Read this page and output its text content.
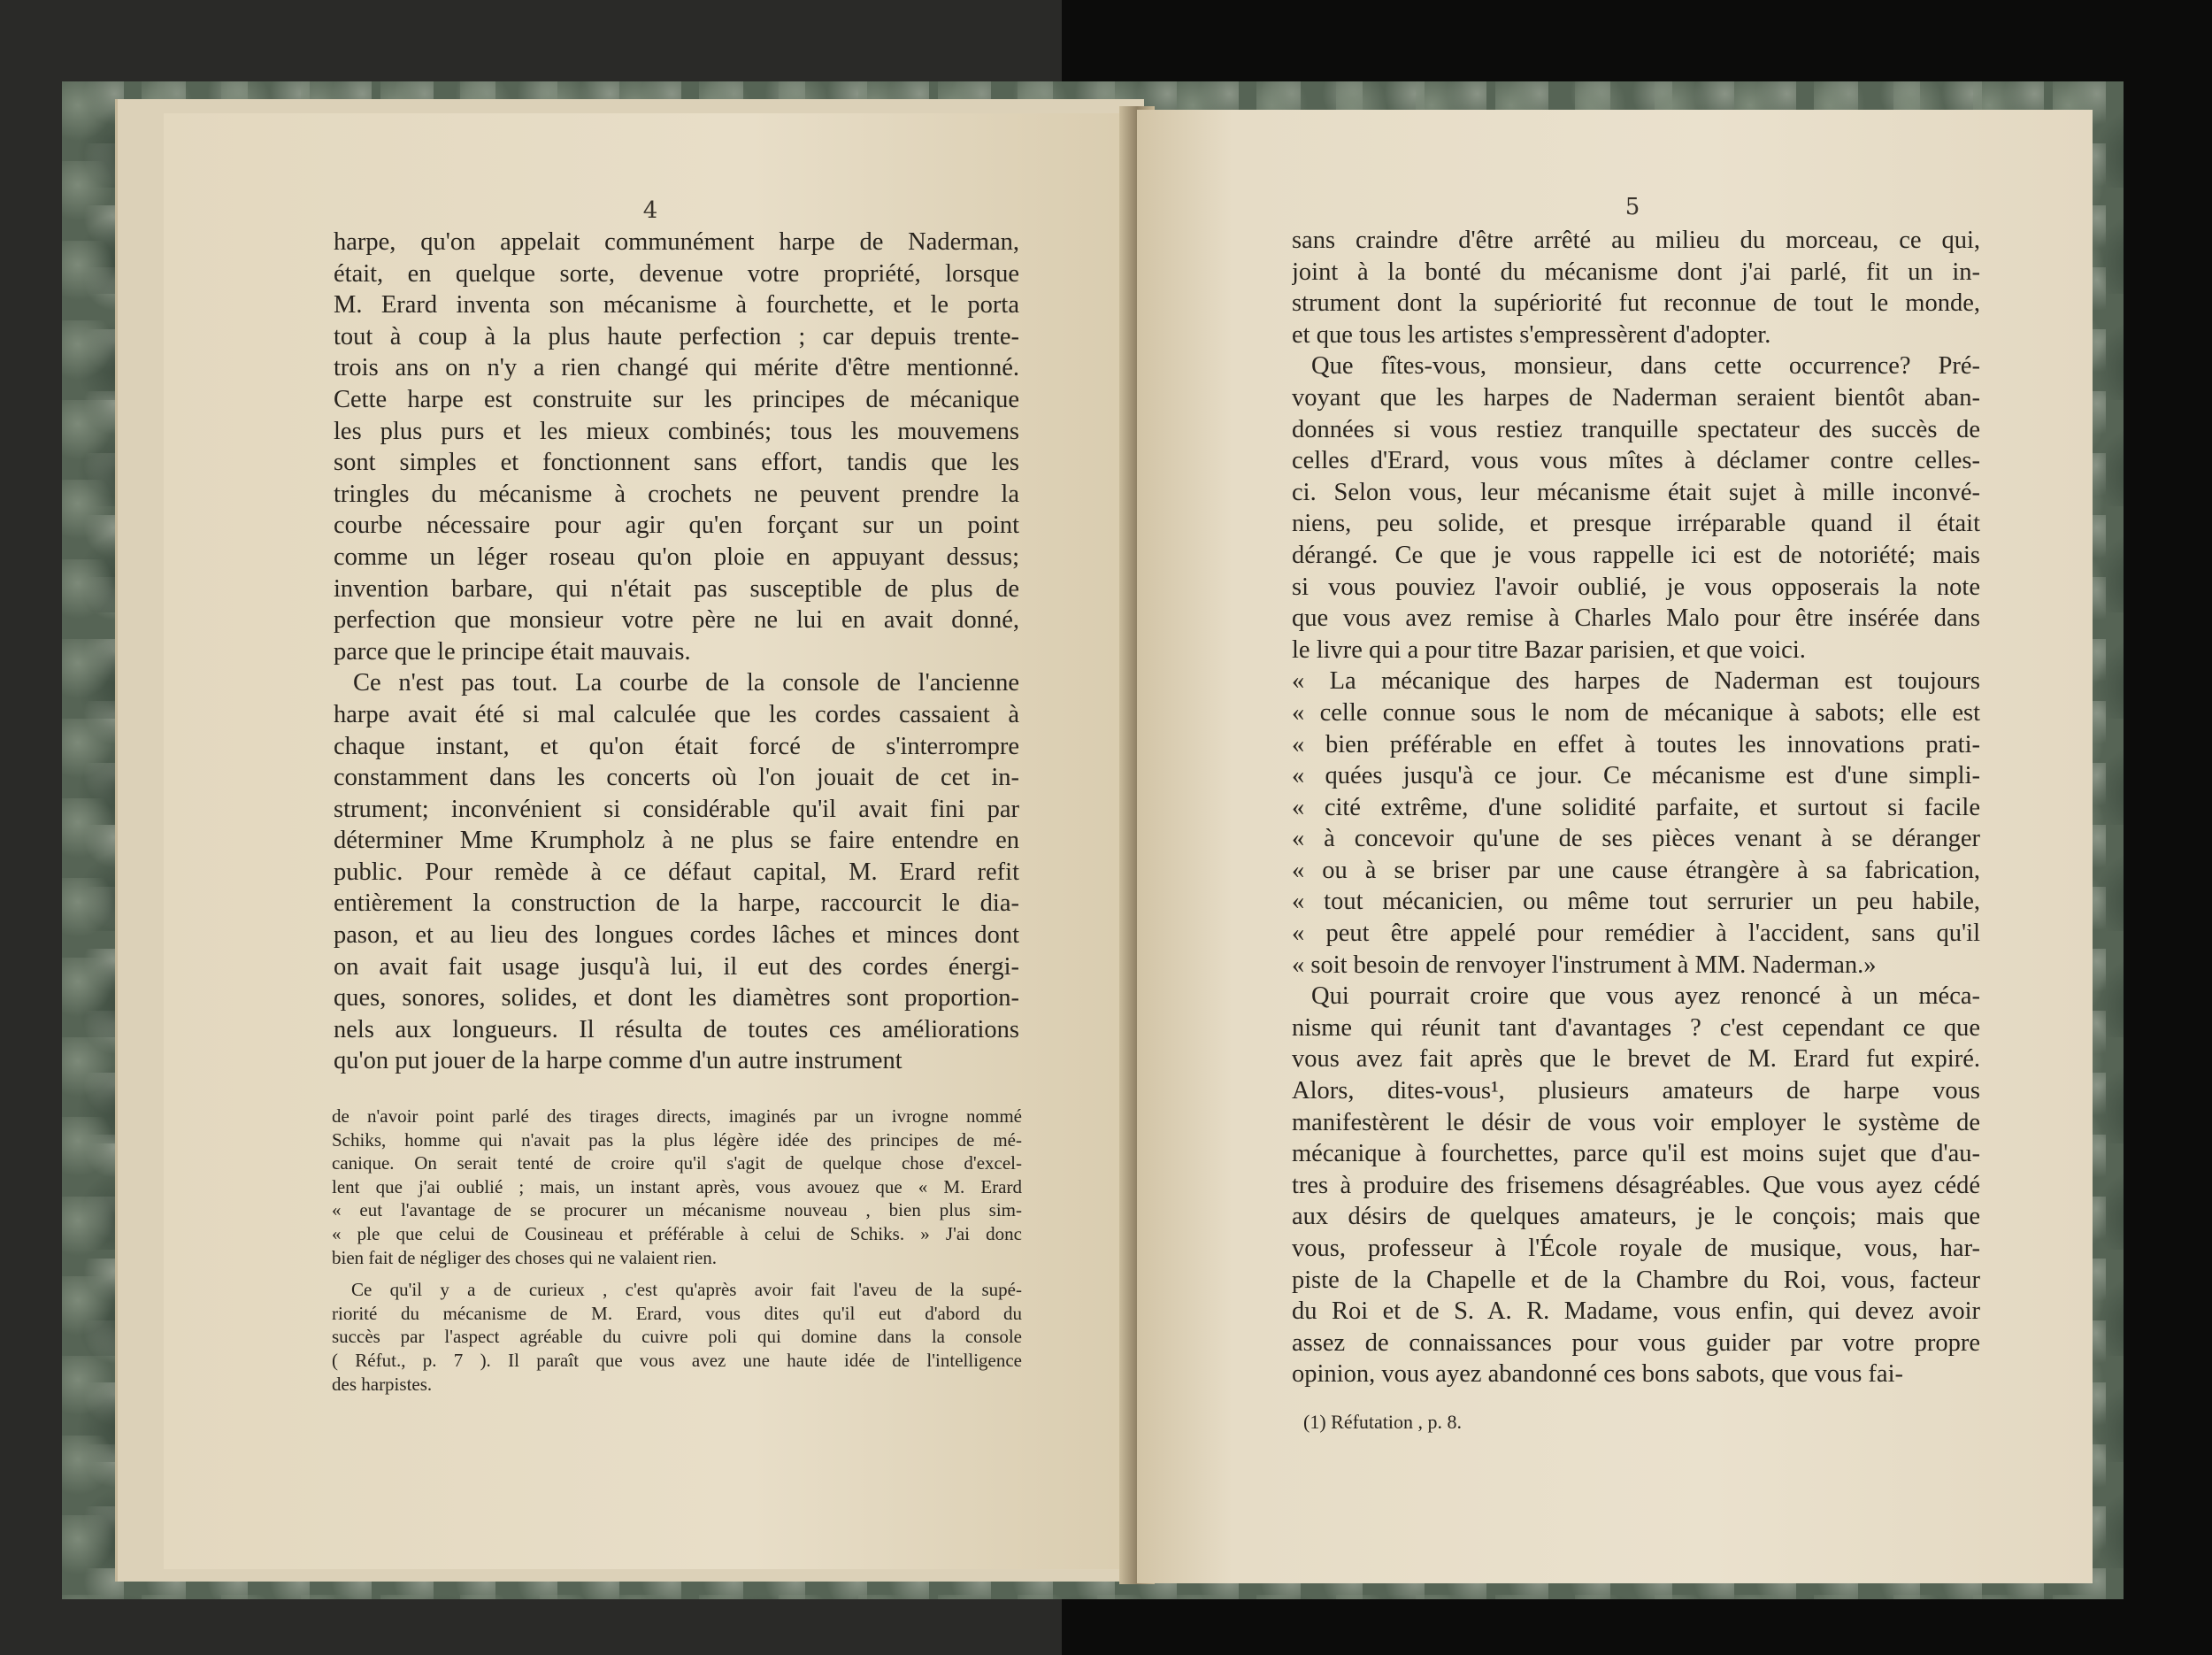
4
harpe, qu'on appelait communément harpe de Naderman,
était, en quelque sorte, devenue votre propriété, lorsque
M. Erard inventa son mécanisme à fourchette, et le porta
tout à coup à la plus haute perfection ; car depuis trente-
trois ans on n'y a rien changé qui mérite d'être mentionné.
Cette harpe est construite sur les principes de mécanique
les plus purs et les mieux combinés; tous les mouvemens
sont simples et fonctionnent sans effort, tandis que les
tringles du mécanisme à crochets ne peuvent prendre la
courbe nécessaire pour agir qu'en forçant sur un point
comme un léger roseau qu'on ploie en appuyant dessus;
invention barbare, qui n'était pas susceptible de plus de
perfection que monsieur votre père ne lui en avait donné,
parce que le principe était mauvais.
Ce n'est pas tout. La courbe de la console de l'ancienne
harpe avait été si mal calculée que les cordes cassaient à
chaque instant, et qu'on était forcé de s'interrompre
constamment dans les concerts où l'on jouait de cet in-
strument; inconvénient si considérable qu'il avait fini par
déterminer Mme Krumpholz à ne plus se faire entendre en
public. Pour remède à ce défaut capital, M. Erard refit
entièrement la construction de la harpe, raccourcit le dia-
pason, et au lieu des longues cordes lâches et minces dont
on avait fait usage jusqu'à lui, il eut des cordes énergi-
ques, sonores, solides, et dont les diamètres sont proportion-
nels aux longueurs. Il résulta de toutes ces améliorations
qu'on put jouer de la harpe comme d'un autre instrument
de n'avoir point parlé des tirages directs, imaginés par un ivrogne nommé
Schiks, homme qui n'avait pas la plus légère idée des principes de mé-
canique. On serait tenté de croire qu'il s'agit de quelque chose d'excel-
lent que j'ai oublié ; mais, un instant après, vous avouez que « M. Erard
« eut l'avantage de se procurer un mécanisme nouveau , bien plus sim-
« ple que celui de Cousineau et préférable à celui de Schiks. » J'ai donc
bien fait de négliger des choses qui ne valaient rien.
Ce qu'il y a de curieux , c'est qu'après avoir fait l'aveu de la supé-
riorité du mécanisme de M. Erard, vous dites qu'il eut d'abord du
succès par l'aspect agréable du cuivre poli qui domine dans la console
( Réfut., p. 7 ). Il paraît que vous avez une haute idée de l'intelligence
des harpistes.
5
sans craindre d'être arrêté au milieu du morceau, ce qui,
joint à la bonté du mécanisme dont j'ai parlé, fit un in-
strument dont la supériorité fut reconnue de tout le monde,
et que tous les artistes s'empressèrent d'adopter.
Que fîtes-vous, monsieur, dans cette occurrence? Pré-
voyant que les harpes de Naderman seraient bientôt aban-
données si vous restiez tranquille spectateur des succès de
celles d'Erard, vous vous mîtes à déclamer contre celles-
ci. Selon vous, leur mécanisme était sujet à mille inconvé-
niens, peu solide, et presque irréparable quand il était
dérangé. Ce que je vous rappelle ici est de notoriété; mais
si vous pouviez l'avoir oublié, je vous opposerais la note
que vous avez remise à Charles Malo pour être insérée dans
le livre qui a pour titre Bazar parisien, et que voici.
« La mécanique des harpes de Naderman est toujours
« celle connue sous le nom de mécanique à sabots; elle est
« bien préférable en effet à toutes les innovations prati-
« quées jusqu'à ce jour. Ce mécanisme est d'une simpli-
« cité extrême, d'une solidité parfaite, et surtout si facile
« à concevoir qu'une de ses pièces venant à se déranger
« ou à se briser par une cause étrangère à sa fabrication,
« tout mécanicien, ou même tout serrurier un peu habile,
« peut être appelé pour remédier à l'accident, sans qu'il
« soit besoin de renvoyer l'instrument à MM. Naderman.»
Qui pourrait croire que vous ayez renoncé à un méca-
nisme qui réunit tant d'avantages ? c'est cependant ce que
vous avez fait après que le brevet de M. Erard fut expiré.
Alors, dites-vous¹, plusieurs amateurs de harpe vous
manifestèrent le désir de vous voir employer le système de
mécanique à fourchettes, parce qu'il est moins sujet que d'au-
tres à produire des frisemens désagréables. Que vous ayez cédé
aux désirs de quelques amateurs, je le conçois; mais que
vous, professeur à l'École royale de musique, vous, har-
piste de la Chapelle et de la Chambre du Roi, vous, facteur
du Roi et de S. A. R. Madame, vous enfin, qui devez avoir
assez de connaissances pour vous guider par votre propre
opinion, vous ayez abandonné ces bons sabots, que vous fai-
(1) Réfutation , p. 8.
